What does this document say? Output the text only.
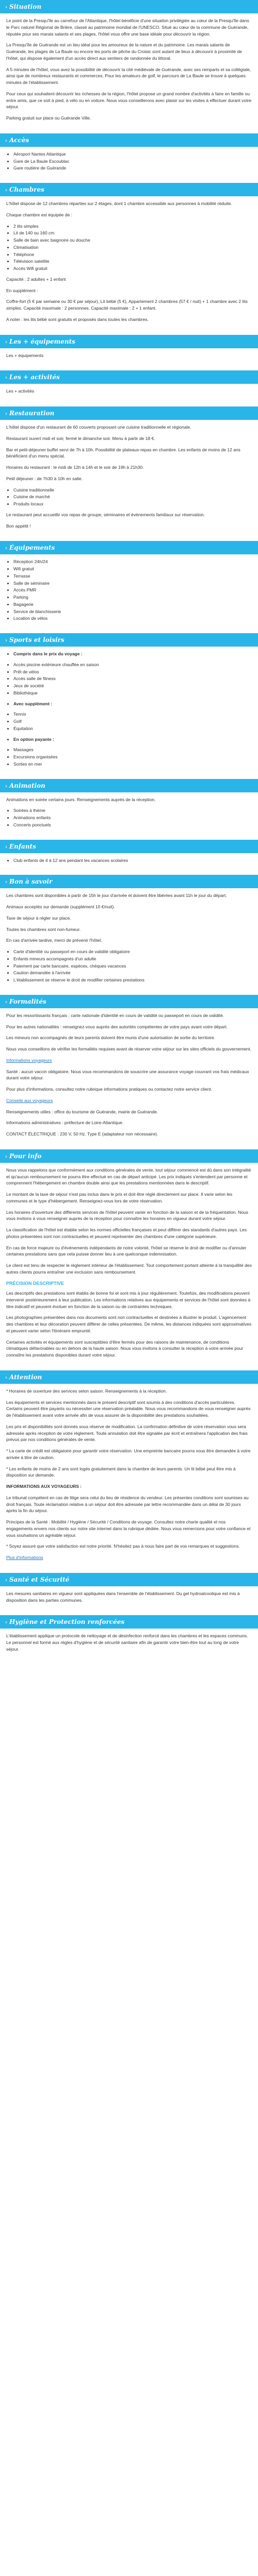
› Situation

Le point de la Presqu'île au carrefour de l'Atlantique, l'hôtel bénéficie d'une situation privilégiée au cœur de la Presqu'île dans le Parc naturel Régional de Brière, classé au patrimoine mondial de l'UNESCO. Situé au cœur de la commune de Guérande, réputée pour ses marais salants et ses plages, l'hôtel vous offre une base idéale pour découvrir la région.

La Presqu'île de Guérande est un lieu idéal pour les amoureux de la nature et du patrimoine. Les marais salants de Guérande, les plages de La Baule ou encore les ports de pêche du Croisic sont autant de lieux à découvrir à proximité de l'hôtel, qui dispose également d'un accès direct aux sentiers de randonnée du littoral.

A 5 minutes de l'hôtel, vous avez la possibilité de découvrir la cité médiévale de Guérande, avec ses remparts et sa collégiale, ainsi que de nombreux restaurants et commerces. Pour les amateurs de golf, le parcours de La Baule se trouve à quelques minutes de l'établissement.

Pour ceux qui souhaitent découvrir les richesses de la région, l'hôtel propose un grand nombre d'activités à faire en famille ou entre amis, que ce soit à pied, à vélo ou en voiture. Nous vous conseillerons avec plaisir sur les visites à effectuer durant votre séjour.

Parking gratuit sur place ou Guérande Ville.

› Accès
• Aéroport Nantes Atlantique
• Gare de La Baule Escoublac
• Gare routière de Guérande
› Chambres

L'hôtel dispose de 12 chambres réparties sur 2 étages, dont 1 chambre accessible aux personnes à mobilité réduite.

Chaque chambre est équipée de :

• 2 lits simples
• Lit de 140 ou 160 cm
• Salle de bain avec baignoire ou douche
• Climatisation
• Téléphone
• Télévision satellite
• Accès Wifi gratuit

Capacité : 2 adultes + 1 enfant

En supplément :

Coffre-fort (5 € par semaine ou 30 € par séjour), Lit bébé (5 €), Appartement 2 chambres (57 € / nuit) + 1 chambre avec 2 lits simples. Capacité maximale : 2 personnes. Capacité maximale : 2 + 1 enfant.

A noter : les lits bébé sont gratuits et proposés dans toutes les chambres.

› Les + équipements

Les + équipements

› Les + activités

Les + activités

› Restauration

L'hôtel dispose d'un restaurant de 60 couverts proposant une cuisine traditionnelle et régionale.

Restaurant ouvert midi et soir, fermé le dimanche soir. Menu à partir de 18 €.

Bar et petit-déjeuner buffet servi de 7h à 10h. Possibilité de plateaux-repas en chambre. Les enfants de moins de 12 ans bénéficient d'un menu spécial.

Horaires du restaurant : le midi de 12h à 14h et le soir de 19h à 21h30.

Petit déjeuner : de 7h30 à 10h en salle.

• Cuisine traditionnelle
• Cuisine de marché
• Produits locaux

Le restaurant peut accueillir vos repas de groupe, séminaires et événements familiaux sur réservation.

Bon appétit !

› Équipements
• Réception 24h/24
• Wifi gratuit
• Terrasse
• Salle de séminaire
• Accès PMR
• Parking
• Bagagerie
• Service de blanchisserie
• Location de vélos
› Sports et loisirs
• Compris dans le prix du voyage :
• Accès piscine extérieure chauffée en saison
• Prêt de vélos
• Accès salle de fitness
• Jeux de société
• Bibliothèque
• Avec supplément :
• Tennis
• Golf
• Équitation
• En option payante :
• Massages
• Excursions organisées
• Sorties en mer
› Animation

Animations en soirée certains jours. Renseignements auprès de la réception.

• Soirées à thème
• Animations enfants
• Concerts ponctuels
› Enfants
• Club enfants de 4 à 12 ans pendant les vacances scolaires
› Bon à savoir

Les chambres sont disponibles à partir de 15h le jour d'arrivée et doivent être libérées avant 11h le jour du départ.

Animaux acceptés sur demande (supplément 10 €/nuit).

Taxe de séjour à régler sur place.

Toutes les chambres sont non-fumeur.

En cas d'arrivée tardive, merci de prévenir l'hôtel.

• Carte d'identité ou passeport en cours de validité obligatoire
• Enfants mineurs accompagnés d'un adulte
• Paiement par carte bancaire, espèces, chèques vacances
• Caution demandée à l'arrivée
• L'établissement se réserve le droit de modifier certaines prestations
› Formalités

Pour les ressortissants français : carte nationale d'identité en cours de validité ou passeport en cours de validité.

Pour les autres nationalités : renseignez-vous auprès des autorités compétentes de votre pays avant votre départ.

Les mineurs non accompagnés de leurs parents doivent être munis d'une autorisation de sortie du territoire.

Nous vous conseillons de vérifier les formalités requises avant de réserver votre séjour sur les sites officiels du gouvernement.

Informations voyageurs

Santé : aucun vaccin obligatoire. Nous vous recommandons de souscrire une assurance voyage couvrant vos frais médicaux durant votre séjour.

Pour plus d'informations, consultez notre rubrique informations pratiques ou contactez notre service client.

Conseils aux voyageurs

Renseignements utiles : office du tourisme de Guérande, mairie de Guérande.

Informations administratives : préfecture de Loire-Atlantique.

CONTACT ÉLECTRIQUE : 230 V, 50 Hz. Type E (adaptateur non nécessaire).

› Pour info

Nous vous rappelons que conformément aux conditions générales de vente, tout séjour commencé est dû dans son intégralité et qu'aucun remboursement ne pourra être effectué en cas de départ anticipé. Les prix indiqués s'entendent par personne et comprennent l'hébergement en chambre double ainsi que les prestations mentionnées dans le descriptif.

Le montant de la taxe de séjour n'est pas inclus dans le prix et doit être réglé directement sur place. Il varie selon les communes et le type d'hébergement. Renseignez-vous lors de votre réservation.

Les horaires d'ouverture des différents services de l'hôtel peuvent varier en fonction de la saison et de la fréquentation. Nous vous invitons à vous renseigner auprès de la réception pour connaître les horaires en vigueur durant votre séjour.

La classification de l'hôtel est établie selon les normes officielles françaises et peut différer des standards d'autres pays. Les photos présentées sont non contractuelles et peuvent représenter des chambres d'une catégorie supérieure.

En cas de force majeure ou d'événements indépendants de notre volonté, l'hôtel se réserve le droit de modifier ou d'annuler certaines prestations sans que cela puisse donner lieu à une quelconque indemnisation.

Le client est tenu de respecter le règlement intérieur de l'établissement. Tout comportement portant atteinte à la tranquillité des autres clients pourra entraîner une exclusion sans remboursement.

PRÉCISION DESCRIPTIVE

Les descriptifs des prestations sont établis de bonne foi et sont mis à jour régulièrement. Toutefois, des modifications peuvent intervenir postérieurement à leur publication. Les informations relatives aux équipements et services de l'hôtel sont données à titre indicatif et peuvent évoluer en fonction de la saison ou de contraintes techniques.

Les photographies présentées dans nos documents sont non contractuelles et destinées à illustrer le produit. L'agencement des chambres et leur décoration peuvent différer de celles présentées. De même, les distances indiquées sont approximatives et peuvent varier selon l'itinéraire emprunté.

Certaines activités et équipements sont susceptibles d'être fermés pour des raisons de maintenance, de conditions climatiques défavorables ou en dehors de la haute saison. Nous vous invitons à consulter la réception à votre arrivée pour connaître les prestations disponibles durant votre séjour.

› Attention

* Horaires de ouverture des services selon saison. Renseignements à la réception.

Les équipements et services mentionnés dans le présent descriptif sont soumis à des conditions d'accès particulières. Certains peuvent être payants ou nécessiter une réservation préalable. Nous vous recommandons de vous renseigner auprès de l'établissement avant votre arrivée afin de vous assurer de la disponibilité des prestations souhaitées.

Les prix et disponibilités sont donnés sous réserve de modification. La confirmation définitive de votre réservation vous sera adressée après réception de votre règlement. Toute annulation doit être signalée par écrit et entraînera l'application des frais prévus par nos conditions générales de vente.

* La carte de crédit est obligatoire pour garantir votre réservation. Une empreinte bancaire pourra vous être demandée à votre arrivée à titre de caution.

* Les enfants de moins de 2 ans sont logés gratuitement dans la chambre de leurs parents. Un lit bébé peut être mis à disposition sur demande.

INFORMATIONS AUX VOYAGEURS :

Le tribunal compétent en cas de litige sera celui du lieu de résidence du vendeur. Les présentes conditions sont soumises au droit français. Toute réclamation relative à un séjour doit être adressée par lettre recommandée dans un délai de 30 jours après la fin du séjour.

Principes de la Santé : Mobilité / Hygiène / Sécurité / Conditions de voyage. Consultez notre charte qualité et nos engagements envers nos clients sur notre site internet dans la rubrique dédiée. Nous vous remercions pour votre confiance et vous souhaitons un agréable séjour.

* Soyez assuré que votre satisfaction est notre priorité. N'hésitez pas à nous faire part de vos remarques et suggestions.

Plus d'informations

› Santé et Sécurité

Les mesures sanitaires en vigueur sont appliquées dans l'ensemble de l'établissement. Du gel hydroalcoolique est mis à disposition dans les parties communes.

› Hygiène et Protection renforcées

L'établissement applique un protocole de nettoyage et de désinfection renforcé dans les chambres et les espaces communs. Le personnel est formé aux règles d'hygiène et de sécurité sanitaire afin de garantir votre bien-être tout au long de votre séjour.
